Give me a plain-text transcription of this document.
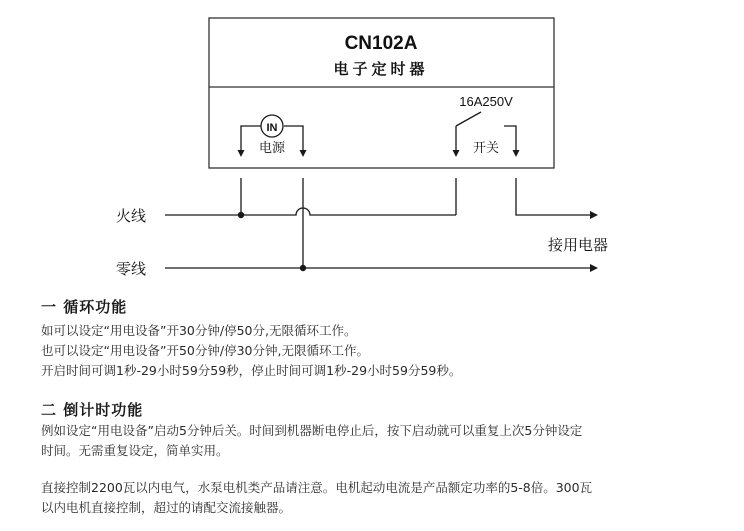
CN102A
电子定时器
IN
电源
16A250V
开关
火线
零线
接用电器
一 循环功能
如可以设定“用电设备”开30分钟/停50分,无限循环工作。
也可以设定“用电设备”开50分钟/停30分钟,无限循环工作。
开启时间可调1秒-29小时59分59秒，停止时间可调1秒-29小时59分59秒。
二 倒计时功能
例如设定“用电设备”启动5分钟后关。时间到机器断电停止后，按下启动就可以重复上次5分钟设定
时间。无需重复设定，简单实用。
直接控制2200瓦以内电气，水泵电机类产品请注意。电机起动电流是产品额定功率的5-8倍。300瓦
以内电机直接控制，超过的请配交流接触器。
